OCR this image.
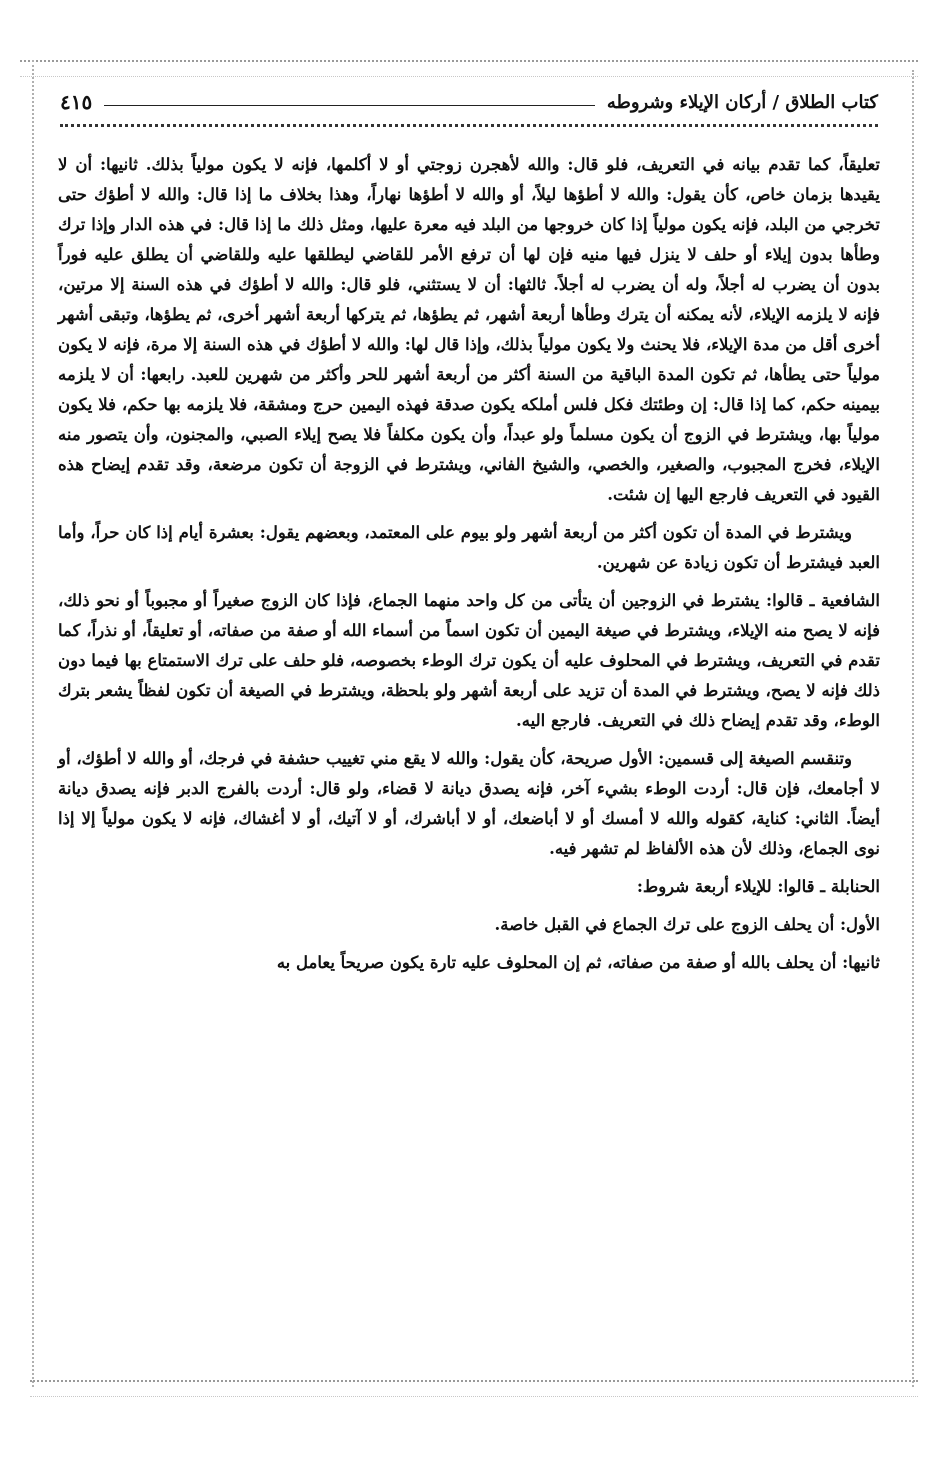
كتاب الطلاق / أركان الإيلاء وشروطه
٤١٥

تعليقاً، كما تقدم بيانه في التعريف، فلو قال: والله لأهجرن زوجتي أو لا أكلمها، فإنه لا يكون مولياً بذلك. ثانيها: أن لا يقيدها بزمان خاص، كأن يقول: والله لا أطؤها ليلاً، أو والله لا أطؤها نهاراً، وهذا بخلاف ما إذا قال: والله لا أطؤك حتى تخرجي من البلد، فإنه يكون مولياً إذا كان خروجها من البلد فيه معرة عليها، ومثل ذلك ما إذا قال: في هذه الدار وإذا ترك وطأها بدون إيلاء أو حلف لا ينزل فيها منيه فإن لها أن ترفع الأمر للقاضي ليطلقها عليه وللقاضي أن يطلق عليه فوراً بدون أن يضرب له أجلاً، وله أن يضرب له أجلاً. ثالثها: أن لا يستثني، فلو قال: والله لا أطؤك في هذه السنة إلا مرتين، فإنه لا يلزمه الإيلاء، لأنه يمكنه أن يترك وطأها أربعة أشهر، ثم يطؤها، ثم يتركها أربعة أشهر أخرى، ثم يطؤها، وتبقى أشهر أخرى أقل من مدة الإيلاء، فلا يحنث ولا يكون مولياً بذلك، وإذا قال لها: والله لا أطؤك في هذه السنة إلا مرة، فإنه لا يكون مولياً حتى يطأها، ثم تكون المدة الباقية من السنة أكثر من أربعة أشهر للحر وأكثر من شهرين للعبد. رابعها: أن لا يلزمه بيمينه حكم، كما إذا قال: إن وطئتك فكل فلس أملكه يكون صدقة فهذه اليمين حرج ومشقة، فلا يلزمه بها حكم، فلا يكون مولياً بها، ويشترط في الزوج أن يكون مسلماً ولو عبداً، وأن يكون مكلفاً فلا يصح إيلاء الصبي، والمجنون، وأن يتصور منه الإيلاء، فخرج المجبوب، والصغير، والخصي، والشيخ الفاني، ويشترط في الزوجة أن تكون مرضعة، وقد تقدم إيضاح هذه القيود في التعريف فارجع اليها إن شئت.

ويشترط في المدة أن تكون أكثر من أربعة أشهر ولو بيوم على المعتمد، وبعضهم يقول: بعشرة أيام إذا كان حراً، وأما العبد فيشترط أن تكون زيادة عن شهرين.

الشافعية ـ قالوا: يشترط في الزوجين أن يتأتى من كل واحد منهما الجماع، فإذا كان الزوج صغيراً أو مجبوباً أو نحو ذلك، فإنه لا يصح منه الإيلاء، ويشترط في صيغة اليمين أن تكون اسماً من أسماء الله أو صفة من صفاته، أو تعليقاً، أو نذراً، كما تقدم في التعريف، ويشترط في المحلوف عليه أن يكون ترك الوطء بخصوصه، فلو حلف على ترك الاستمتاع بها فيما دون ذلك فإنه لا يصح، ويشترط في المدة أن تزيد على أربعة أشهر ولو بلحظة، ويشترط في الصيغة أن تكون لفظاً يشعر بترك الوطء، وقد تقدم إيضاح ذلك في التعريف. فارجع اليه.

وتنقسم الصيغة إلى قسمين: الأول صريحة، كأن يقول: والله لا يقع مني تغييب حشفة في فرجك، أو والله لا أطؤك، أو لا أجامعك، فإن قال: أردت الوطء بشيء آخر، فإنه يصدق ديانة لا قضاء، ولو قال: أردت بالفرج الدبر فإنه يصدق ديانة أيضاً. الثاني: كناية، كقوله والله لا أمسك أو لا أباضعك، أو لا أباشرك، أو لا آتيك، أو لا أغشاك، فإنه لا يكون مولياً إلا إذا نوى الجماع، وذلك لأن هذه الألفاظ لم تشهر فيه.

الحنابلة ـ قالوا: للإيلاء أربعة شروط:

الأول: أن يحلف الزوج على ترك الجماع في القبل خاصة.

ثانيها: أن يحلف بالله أو صفة من صفاته، ثم إن المحلوف عليه تارة يكون صريحاً يعامل به
